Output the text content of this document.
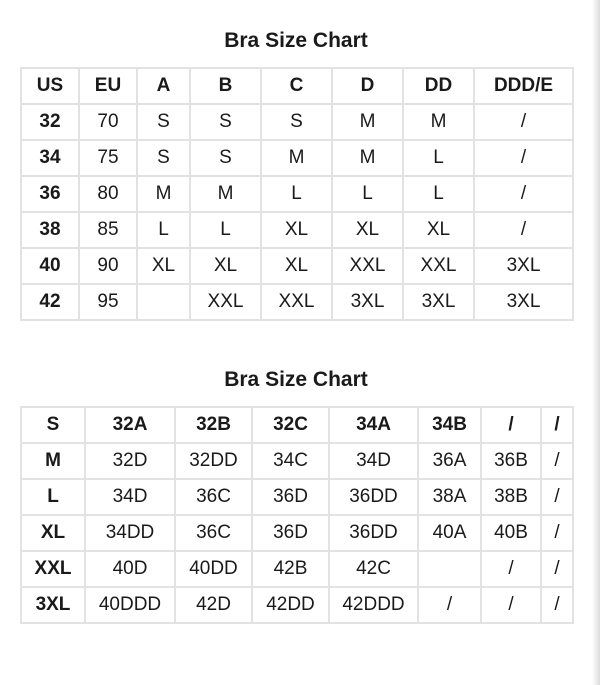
Bra Size Chart
US	EU	A	B	C	D	DD	DDD/E
32	70	S	S	S	M	M	/
34	75	S	S	M	M	L	/
36	80	M	M	L	L	L	/
38	85	L	L	XL	XL	XL	/
40	90	XL	XL	XL	XXL	XXL	3XL
42	95		XXL	XXL	3XL	3XL	3XL
Bra Size Chart
S	32A	32B	32C	34A	34B	/	/
M	32D	32DD	34C	34D	36A	36B	/
L	34D	36C	36D	36DD	38A	38B	/
XL	34DD	36C	36D	36DD	40A	40B	/
XXL	40D	40DD	42B	42C		/	/
3XL	40DDD	42D	42DD	42DDD	/	/	/
